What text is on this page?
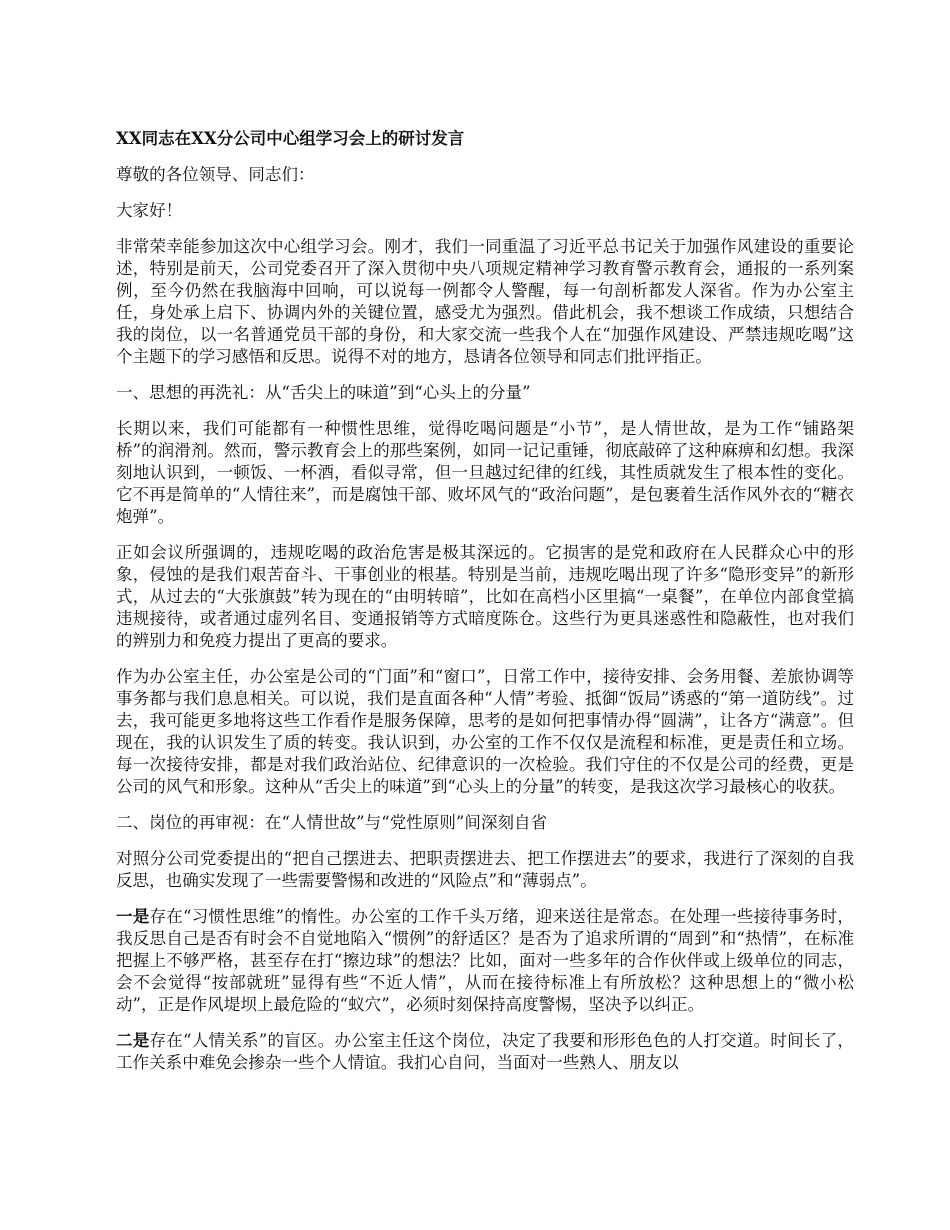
XX同志在XX分公司中心组学习会上的研讨发言

尊敬的各位领导、同志们：

大家好！

非常荣幸能参加这次中心组学习会。刚才，我们一同重温了习近平总书记关于加强作风建设的重要论述，特别是前天，公司党委召开了深入贯彻中央八项规定精神学习教育警示教育会，通报的一系列案例，至今仍然在我脑海中回响，可以说每一例都令人警醒，每一句剖析都发人深省。作为办公室主任，身处承上启下、协调内外的关键位置，感受尤为强烈。借此机会，我不想谈工作成绩，只想结合我的岗位，以一名普通党员干部的身份，和大家交流一些我个人在“加强作风建设、严禁违规吃喝”这个主题下的学习感悟和反思。说得不对的地方，恳请各位领导和同志们批评指正。

一、思想的再洗礼：从“舌尖上的味道”到“心头上的分量”

长期以来，我们可能都有一种惯性思维，觉得吃喝问题是“小节”，是人情世故，是为工作“铺路架桥”的润滑剂。然而，警示教育会上的那些案例，如同一记记重锤，彻底敲碎了这种麻痹和幻想。我深刻地认识到，一顿饭、一杯酒，看似寻常，但一旦越过纪律的红线，其性质就发生了根本性的变化。它不再是简单的“人情往来”，而是腐蚀干部、败坏风气的“政治问题”，是包裹着生活作风外衣的“糖衣炮弹”。

正如会议所强调的，违规吃喝的政治危害是极其深远的。它损害的是党和政府在人民群众心中的形象，侵蚀的是我们艰苦奋斗、干事创业的根基。特别是当前，违规吃喝出现了许多“隐形变异”的新形式，从过去的“大张旗鼓”转为现在的“由明转暗”，比如在高档小区里搞“一桌餐”，在单位内部食堂搞违规接待，或者通过虚列名目、变通报销等方式暗度陈仓。这些行为更具迷惑性和隐蔽性，也对我们的辨别力和免疫力提出了更高的要求。

作为办公室主任，办公室是公司的“门面”和“窗口”，日常工作中，接待安排、会务用餐、差旅协调等事务都与我们息息相关。可以说，我们是直面各种“人情”考验、抵御“饭局”诱惑的“第一道防线”。过去，我可能更多地将这些工作看作是服务保障，思考的是如何把事情办得“圆满”，让各方“满意”。但现在，我的认识发生了质的转变。我认识到，办公室的工作不仅仅是流程和标准，更是责任和立场。每一次接待安排，都是对我们政治站位、纪律意识的一次检验。我们守住的不仅是公司的经费，更是公司的风气和形象。这种从“舌尖上的味道”到“心头上的分量”的转变，是我这次学习最核心的收获。

二、岗位的再审视：在“人情世故”与“党性原则”间深刻自省

对照分公司党委提出的“把自己摆进去、把职责摆进去、把工作摆进去”的要求，我进行了深刻的自我反思，也确实发现了一些需要警惕和改进的“风险点”和“薄弱点”。

一是存在“习惯性思维”的惰性。办公室的工作千头万绪，迎来送往是常态。在处理一些接待事务时，我反思自己是否有时会不自觉地陷入“惯例”的舒适区？是否为了追求所谓的“周到”和“热情”，在标准把握上不够严格，甚至存在打“擦边球”的想法？比如，面对一些多年的合作伙伴或上级单位的同志，会不会觉得“按部就班”显得有些“不近人情”，从而在接待标准上有所放松？这种思想上的“微小松动”，正是作风堤坝上最危险的“蚁穴”，必须时刻保持高度警惕，坚决予以纠正。

二是存在“人情关系”的盲区。办公室主任这个岗位，决定了我要和形形色色的人打交道。时间长了，工作关系中难免会掺杂一些个人情谊。我扪心自问，当面对一些熟人、朋友以
